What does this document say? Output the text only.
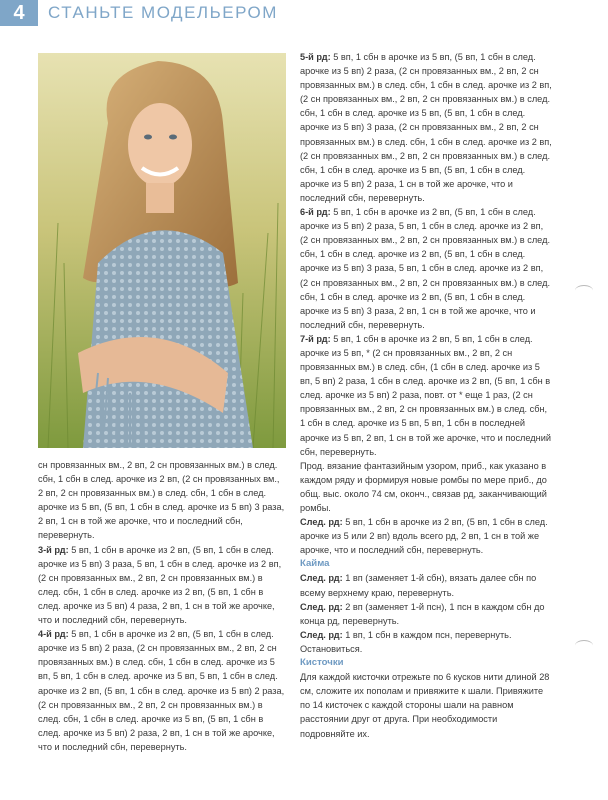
4	СТАНЬТЕ МОДЕЛЬЕРОМ

сн провязанных вм., 2 вп, 2 сн провязанных вм.) в след. сбн, 1 сбн в след. арочке из 2 вп, (2 сн провязанных вм., 2 вп, 2 сн провязанных вм.) в след. сбн, 1 сбн в след. арочке из 5 вп, (5 вп, 1 сбн в след. арочке из 5 вп) 3 раза, 2 вп, 1 сн в той же арочке, что и последний сбн, перевернуть.

3-й рд: 5 вп, 1 сбн в арочке из 2 вп, (5 вп, 1 сбн в след. арочке из 5 вп) 3 раза, 5 вп, 1 сбн в след. арочке из 2 вп, (2 сн провязанных вм., 2 вп, 2 сн провязанных вм.) в след. сбн, 1 сбн в след. арочке из 2 вп, (5 вп, 1 сбн в след. арочке из 5 вп) 4 раза, 2 вп, 1 сн в той же арочке, что и последний сбн, перевернуть.

4-й рд: 5 вп, 1 сбн в арочке из 2 вп, (5 вп, 1 сбн в след. арочке из 5 вп) 2 раза, (2 сн провязанных вм., 2 вп, 2 сн провязанных вм.) в след. сбн, 1 сбн в след. арочке из 5 вп, 5 вп, 1 сбн в след. арочке из 5 вп, 5 вп, 1 сбн в след. арочке из 2 вп, (5 вп, 1 сбн в след. арочке из 5 вп) 2 раза, (2 сн провязанных вм., 2 вп, 2 сн провязанных вм.) в след. сбн, 1 сбн в след. арочке из 5 вп, (5 вп, 1 сбн в след. арочке из 5 вп) 2 раза, 2 вп, 1 сн в той же арочке, что и последний сбн, перевернуть.

5-й рд: 5 вп, 1 сбн в арочке из 5 вп, (5 вп, 1 сбн в след. арочке из 5 вп) 2 раза, (2 сн провязанных вм., 2 вп, 2 сн провязанных вм.) в след. сбн, 1 сбн в след. арочке из 2 вп, (2 сн провязанных вм., 2 вп, 2 сн провязанных вм.) в след. сбн, 1 сбн в след. арочке из 5 вп, (5 вп, 1 сбн в след. арочке из 5 вп) 3 раза, (2 сн провязанных вм., 2 вп, 2 сн провязанных вм.) в след. сбн, 1 сбн в след. арочке из 2 вп, (2 сн провязанных вм., 2 вп, 2 сн провязанных вм.) в след. сбн, 1 сбн в след. арочке из 5 вп, (5 вп, 1 сбн в след. арочке из 5 вп) 2 раза, 1 сн в той же арочке, что и последний сбн, перевернуть.

6-й рд: 5 вп, 1 сбн в арочке из 2 вп, (5 вп, 1 сбн в след. арочке из 5 вп) 2 раза, 5 вп, 1 сбн в след. арочке из 2 вп, (2 сн провязанных вм., 2 вп, 2 сн провязанных вм.) в след. сбн, 1 сбн в след. арочке из 2 вп, (5 вп, 1 сбн в след. арочке из 5 вп) 3 раза, 5 вп, 1 сбн в след. арочке из 2 вп, (2 сн провязанных вм., 2 вп, 2 сн провязанных вм.) в след. сбн, 1 сбн в след. арочке из 2 вп, (5 вп, 1 сбн в след. арочке из 5 вп) 3 раза, 2 вп, 1 сн в той же арочке, что и последний сбн, перевернуть.

7-й рд: 5 вп, 1 сбн в арочке из 2 вп, 5 вп, 1 сбн в след. арочке из 5 вп, * (2 сн провязанных вм., 2 вп, 2 сн провязанных вм.) в след. сбн, (1 сбн в след. арочке из 5 вп, 5 вп) 2 раза, 1 сбн в след. арочке из 2 вп, (5 вп, 1 сбн в след. арочке из 5 вп) 2 раза, повт. от * еще 1 раз, (2 сн провязанных вм., 2 вп, 2 сн провязанных вм.) в след. сбн, 1 сбн в след. арочке из 5 вп, 5 вп, 1 сбн в последней арочке из 5 вп, 2 вп, 1 сн в той же арочке, что и последний сбн, перевернуть.

Прод. вязание фантазийным узором, приб., как указано в каждом ряду и формируя новые ромбы по мере приб., до общ. выс. около 74 см, оконч., связав рд, заканчивающий ромбы.

След. рд: 5 вп, 1 сбн в арочке из 2 вп, (5 вп, 1 сбн в след. арочке из 5 или 2 вп) вдоль всего рд, 2 вп, 1 сн в той же арочке, что и последний сбн, перевернуть.

Кайма

След. рд: 1 вп (заменяет 1-й сбн), вязать далее сбн по всему верхнему краю, перевернуть.

След. рд: 2 вп (заменяет 1-й псн), 1 псн в каждом сбн до конца рд, перевернуть.

След. рд: 1 вп, 1 сбн в каждом псн, перевернуть.

Остановиться.

Кисточки

Для каждой кисточки отрежьте по 6 кусков нити длиной 28 см, сложите их пополам и привяжите к шали. Привяжите по 14 кисточек с каждой стороны шали на равном расстоянии друг от друга. При необходимости подровняйте их.
